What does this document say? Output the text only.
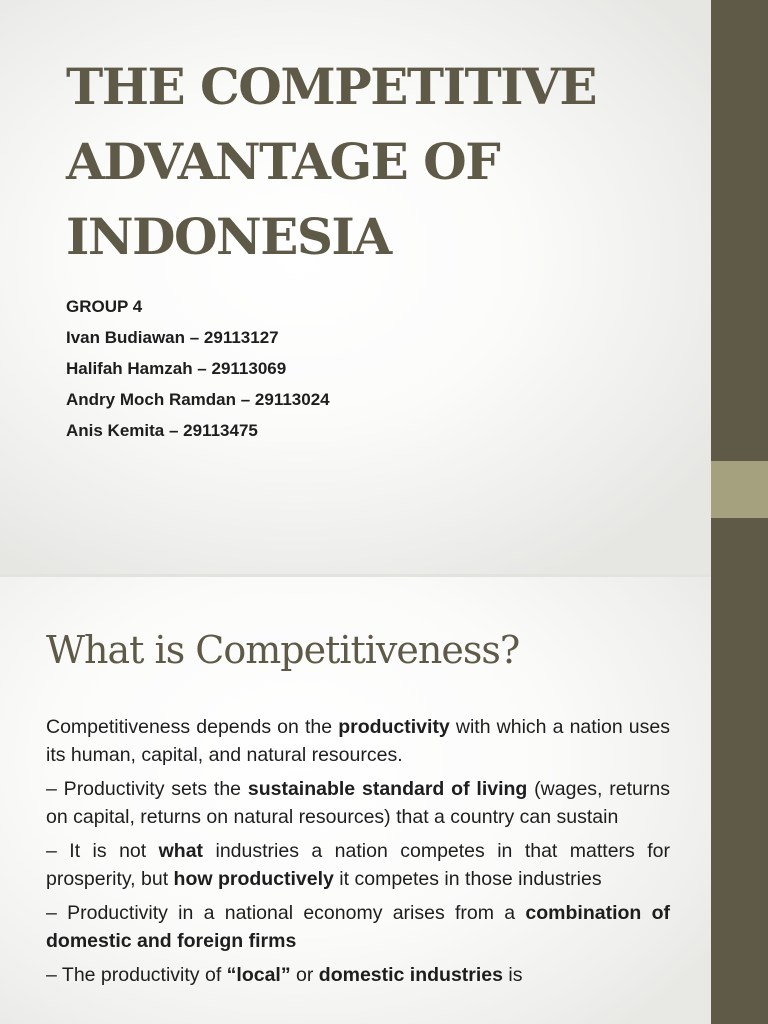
THE COMPETITIVE
ADVANTAGE OF
INDONESIA
GROUP 4
Ivan Budiawan – 29113127
Halifah Hamzah – 29113069
Andry Moch Ramdan – 29113024
Anis Kemita – 29113475
What is Competitiveness?

Competitiveness depends on the productivity with which a nation uses its human, capital, and natural resources.

– Productivity sets the sustainable standard of living (wages, returns on capital, returns on natural resources) that a country can sustain

– It is not what industries a nation competes in that matters for prosperity, but how productively it competes in those industries

– Productivity in a national economy arises from a combination of domestic and foreign firms

– The productivity of “local” or domestic industries is
